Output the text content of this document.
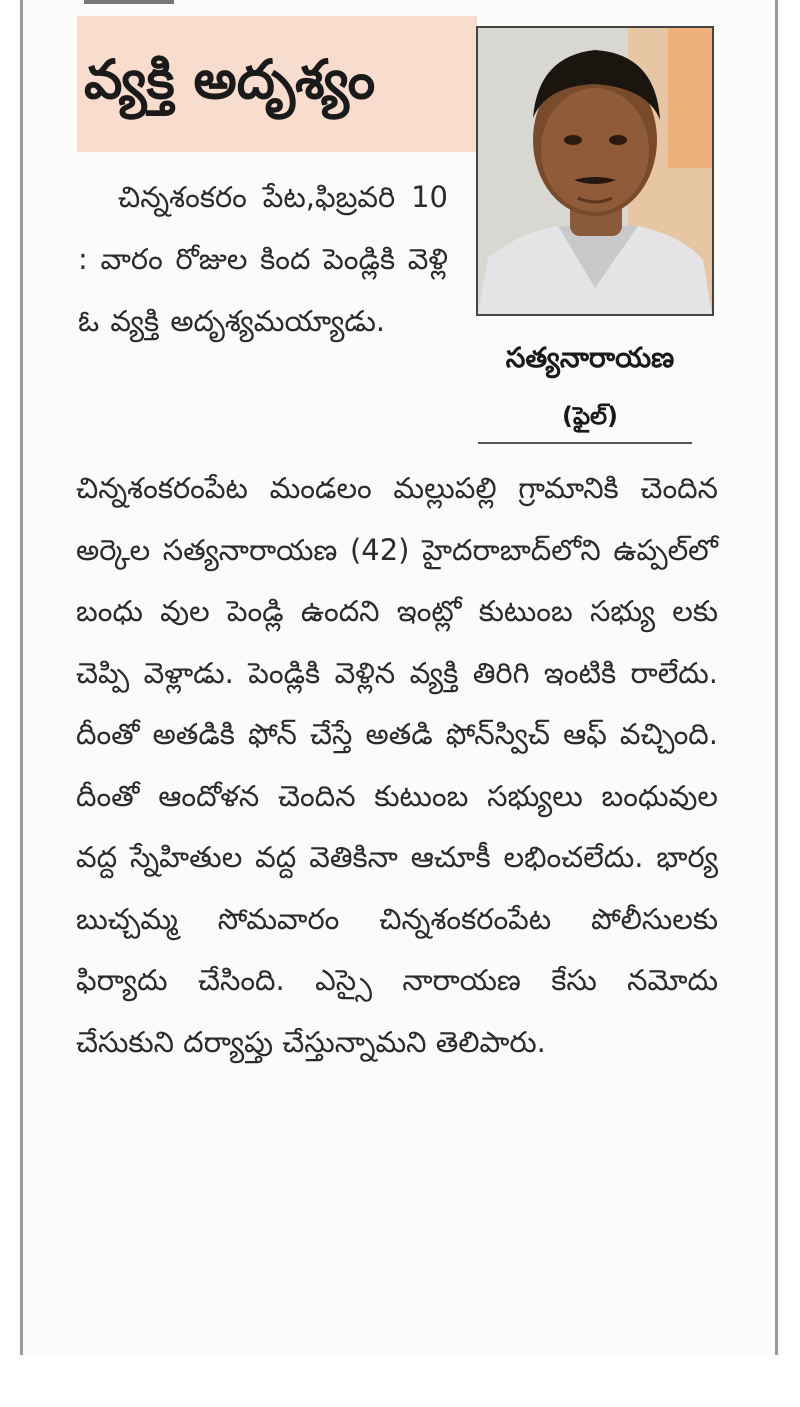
వ్యక్తి అదృశ్యం

సత్యనారాయణ

(ఫైల్)

చిన్నశంకరం పేట,ఫిబ్రవరి 10 : వారం రోజుల కింద పెండ్లికి వెళ్లి ఓ వ్యక్తి అదృశ్యమయ్యాడు.

చిన్నశంకరంపేట మండలం మల్లుపల్లి గ్రామానికి చెందిన అర్కెల సత్యనారాయణ (42) హైదరాబాద్‌లోని ఉప్పల్‌లో బంధు వుల పెండ్లి ఉందని ఇంట్లో కుటుంబ సభ్యు లకు చెప్పి వెళ్లాడు. పెండ్లికి వెళ్లిన వ్యక్తి తిరిగి ఇంటికి రాలేదు. దీంతో అతడికి ఫోన్ చేస్తే అతడి ఫోన్‌స్విచ్ ఆఫ్ వచ్చింది. దీంతో ఆందోళన చెందిన కుటుంబ సభ్యులు బంధువుల వద్ద స్నేహితుల వద్ద వెతికినా ఆచూకీ లభించలేదు. భార్య బుచ్చమ్మ సోమవారం చిన్నశంకరంపేట పోలీసులకు ఫిర్యాదు చేసింది. ఎస్సై నారాయణ కేసు నమోదు చేసుకుని దర్యాప్తు చేస్తున్నామని తెలిపారు.
